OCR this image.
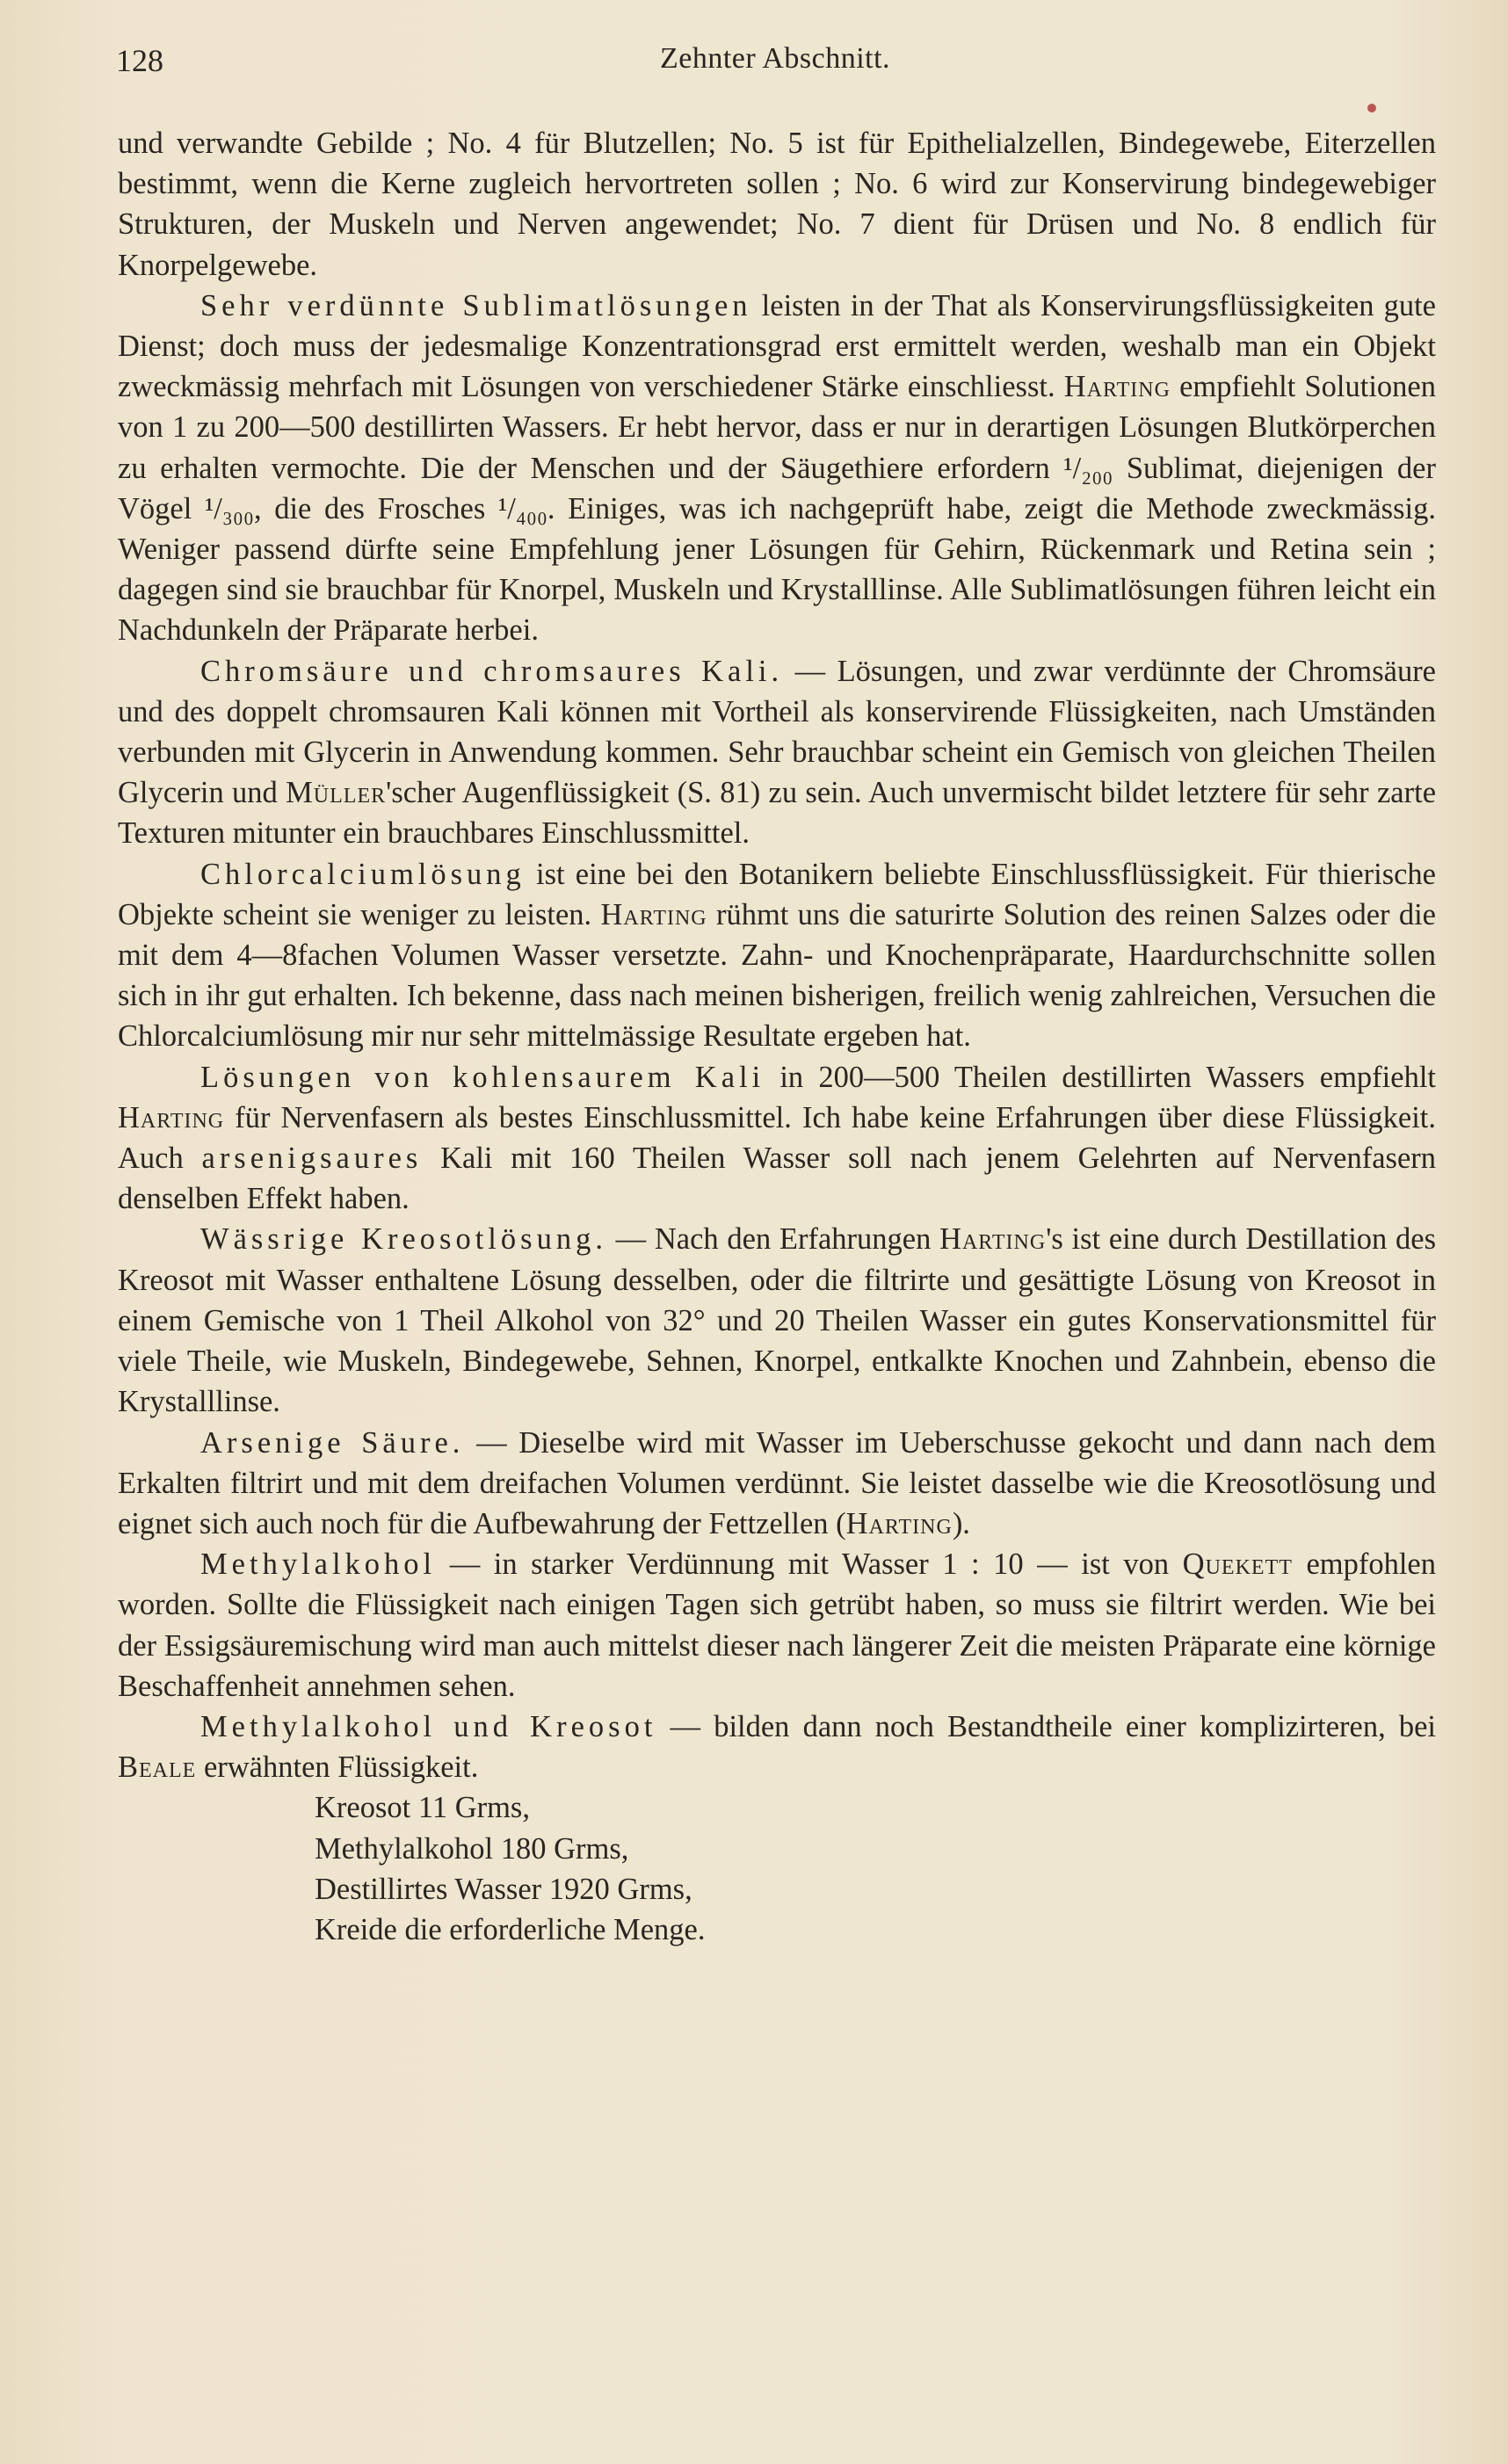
128	Zehnter Abschnitt.

und verwandte Gebilde ; No. 4 für Blutzellen; No. 5 ist für Epithelialzellen, Bindegewebe, Eiterzellen bestimmt, wenn die Kerne zugleich hervortreten sollen ; No. 6 wird zur Konservirung bindegewebiger Strukturen, der Muskeln und Nerven angewendet; No. 7 dient für Drüsen und No. 8 endlich für Knorpelgewebe.

Sehr verdünnte Sublimatlösungen leisten in der That als Konservirungsflüssigkeiten gute Dienst; doch muss der jedesmalige Konzentrationsgrad erst ermittelt werden, weshalb man ein Objekt zweckmässig mehrfach mit Lösungen von verschiedener Stärke einschliesst. Harting empfiehlt Solutionen von 1 zu 200—500 destillirten Wassers. Er hebt hervor, dass er nur in derartigen Lösungen Blutkörperchen zu erhalten vermochte. Die der Menschen und der Säugethiere erfordern ¹/₂₀₀ Sublimat, diejenigen der Vögel ¹/₃₀₀, die des Frosches ¹/₄₀₀. Einiges, was ich nachgeprüft habe, zeigt die Methode zweckmässig. Weniger passend dürfte seine Empfehlung jener Lösungen für Gehirn, Rückenmark und Retina sein ; dagegen sind sie brauchbar für Knorpel, Muskeln und Krystalllinse. Alle Sublimatlösungen führen leicht ein Nachdunkeln der Präparate herbei.

Chromsäure und chromsaures Kali. — Lösungen, und zwar verdünnte der Chromsäure und des doppelt chromsauren Kali können mit Vortheil als konservirende Flüssigkeiten, nach Umständen verbunden mit Glycerin in Anwendung kommen. Sehr brauchbar scheint ein Gemisch von gleichen Theilen Glycerin und Müller'scher Augenflüssigkeit (S. 81) zu sein. Auch unvermischt bildet letztere für sehr zarte Texturen mitunter ein brauchbares Einschlussmittel.

Chlorcalciumlösung ist eine bei den Botanikern beliebte Einschlussflüssigkeit. Für thierische Objekte scheint sie weniger zu leisten. Harting rühmt uns die saturirte Solution des reinen Salzes oder die mit dem 4—8fachen Volumen Wasser versetzte. Zahn- und Knochenpräparate, Haardurchschnitte sollen sich in ihr gut erhalten. Ich bekenne, dass nach meinen bisherigen, freilich wenig zahlreichen, Versuchen die Chlorcalciumlösung mir nur sehr mittelmässige Resultate ergeben hat.

Lösungen von kohlensaurem Kali in 200—500 Theilen destillirten Wassers empfiehlt Harting für Nervenfasern als bestes Einschlussmittel. Ich habe keine Erfahrungen über diese Flüssigkeit. Auch arsenigsaures Kali mit 160 Theilen Wasser soll nach jenem Gelehrten auf Nervenfasern denselben Effekt haben.

Wässrige Kreosotlösung. — Nach den Erfahrungen Harting's ist eine durch Destillation des Kreosot mit Wasser enthaltene Lösung desselben, oder die filtrirte und gesättigte Lösung von Kreosot in einem Gemische von 1 Theil Alkohol von 32° und 20 Theilen Wasser ein gutes Konservationsmittel für viele Theile, wie Muskeln, Bindegewebe, Sehnen, Knorpel, entkalkte Knochen und Zahnbein, ebenso die Krystalllinse.

Arsenige Säure. — Dieselbe wird mit Wasser im Ueberschusse gekocht und dann nach dem Erkalten filtrirt und mit dem dreifachen Volumen verdünnt. Sie leistet dasselbe wie die Kreosotlösung und eignet sich auch noch für die Aufbewahrung der Fettzellen (Harting).

Methylalkohol — in starker Verdünnung mit Wasser 1 : 10 — ist von Quekett empfohlen worden. Sollte die Flüssigkeit nach einigen Tagen sich getrübt haben, so muss sie filtrirt werden. Wie bei der Essigsäuremischung wird man auch mittelst dieser nach längerer Zeit die meisten Präparate eine körnige Beschaffenheit annehmen sehen.

Methylalkohol und Kreosot — bilden dann noch Bestandtheile einer komplizirteren, bei Beale erwähnten Flüssigkeit.

Kreosot 11 Grms,
Methylalkohol 180 Grms,
Destillirtes Wasser 1920 Grms,
Kreide die erforderliche Menge.
